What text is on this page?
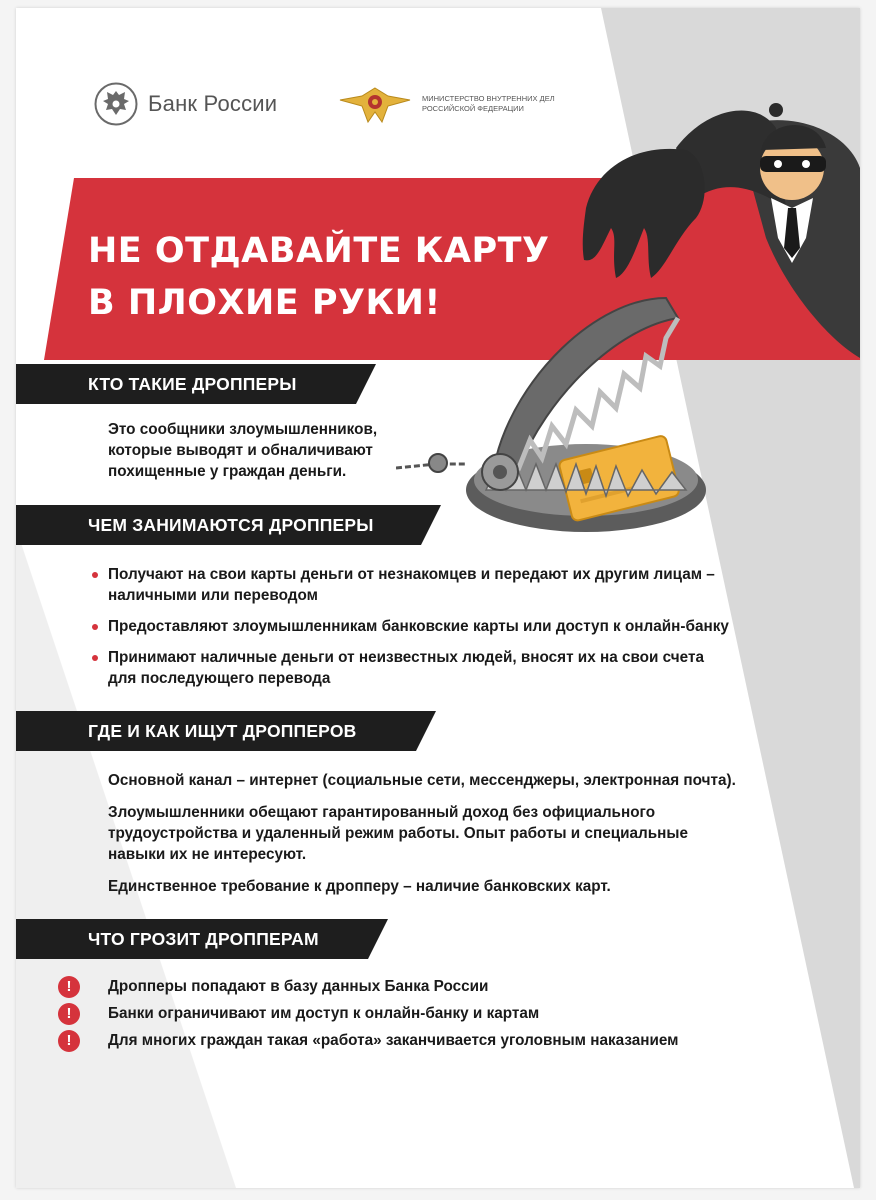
Банк России	МИНИСТЕРСТВО ВНУТРЕННИХ ДЕЛ
РОССИЙСКОЙ ФЕДЕРАЦИИ
НЕ ОТДАВАЙТЕ КАРТУ
В ПЛОХИЕ РУКИ!
КТО ТАКИЕ ДРОППЕРЫ
Это сообщники злоумышленников,
которые выводят и обналичивают
похищенные у граждан деньги.
ЧЕМ ЗАНИМАЮТСЯ ДРОППЕРЫ
Получают на свои карты деньги от незнакомцев и передают их другим лицам –
наличными или переводом
Предоставляют злоумышленникам банковские карты или доступ к онлайн-банку
Принимают наличные деньги от неизвестных людей, вносят их на свои счета
для последующего перевода
ГДЕ И КАК ИЩУТ ДРОППЕРОВ

Основной канал – интернет (социальные сети, мессенджеры, электронная почта).

Злоумышленники обещают гарантированный доход без официального
трудоустройства и удаленный режим работы. Опыт работы и специальные
навыки их не интересуют.

Единственное требование к дропперу – наличие банковских карт.

ЧТО ГРОЗИТ ДРОППЕРАМ
!	Дропперы попадают в базу данных Банка России
!	Банки ограничивают им доступ к онлайн-банку и картам
!	Для многих граждан такая «работа» заканчивается уголовным наказанием
